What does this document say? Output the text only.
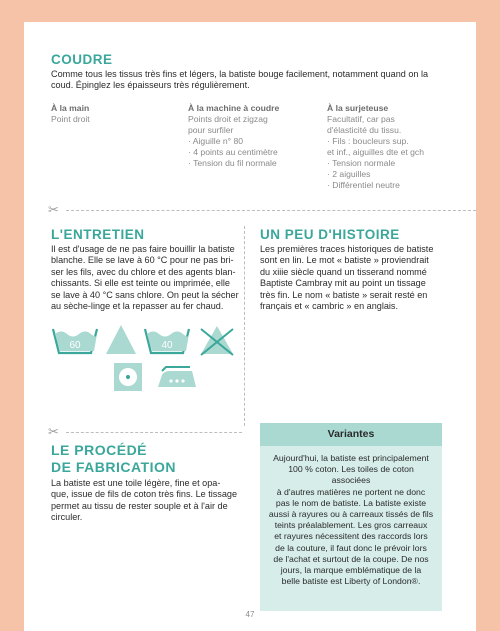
COUDRE
Comme tous les tissus très fins et légers, la batiste bouge facilement, notamment quand on la coud. Épinglez les épaisseurs très régulièrement.
À la main
Point droit
À la machine à coudre
Points droit et zigzag
pour surfiler
· Aiguille n° 80
· 4 points au centimètre
· Tension du fil normale
À la surjeteuse
Facultatif, car pas
d'élasticité du tissu.
· Fils : boucleurs sup.
et inf., aiguilles dte et gch
· Tension normale
· 2 aiguilles
· Différentiel neutre
✂
✂
L'ENTRETIEN
Il est d'usage de ne pas faire bouillir la batiste
blanche. Elle se lave à 60 °C pour ne pas bri-
ser les fils, avec du chlore et des agents blan-
chissants. Si elle est teinte ou imprimée, elle
se lave à 40 °C sans chlore. On peut la sécher
au sèche-linge et la repasser au fer chaud.
60	40
UN PEU D'HISTOIRE
Les premières traces historiques de batiste
sont en lin. Le mot « batiste » proviendrait
du xiiie siècle quand un tisserand nommé
Baptiste Cambray mit au point un tissage
très fin. Le nom « batiste » serait resté en
français et « cambric » en anglais.
LE PROCÉDÉ
DE FABRICATION
La batiste est une toile légère, fine et opa-
que, issue de fils de coton très fins. Le tissage
permet au tissu de rester souple et à l'air de
circuler.
Variantes
Aujourd'hui, la batiste est principalement
100 % coton. Les toiles de coton associées
à d'autres matières ne portent ne donc
pas le nom de batiste. La batiste existe
aussi à rayures ou à carreaux tissés de fils
teints préalablement. Les gros carreaux
et rayures nécessitent des raccords lors
de la couture, il faut donc le prévoir lors
de l'achat et surtout de la coupe. De nos
jours, la marque emblématique de la
belle batiste est Liberty of London®.
47
